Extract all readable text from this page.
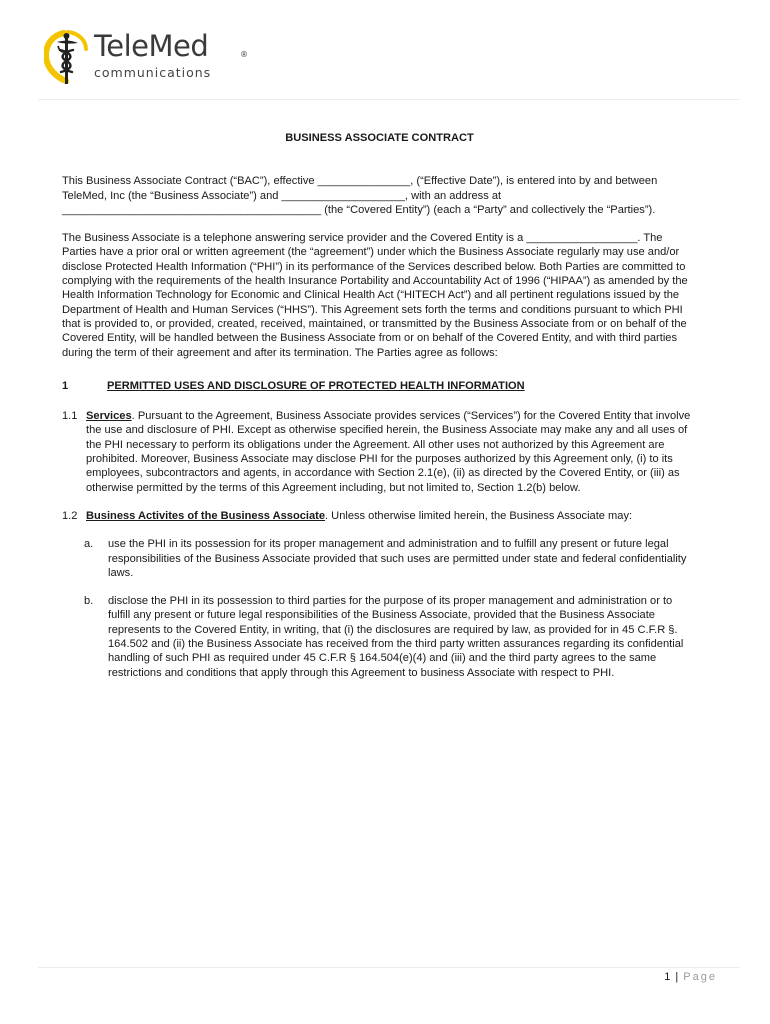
TeleMed	®
communications
BUSINESS ASSOCIATE CONTRACT

This Business Associate Contract (“BAC”), effective _______________, (“Effective Date”), is entered into by and between TeleMed, Inc (the “Business Associate”) and ____________________, with an address at __________________________________________ (the “Covered Entity”) (each a “Party” and collectively the “Parties”).

The Business Associate is a telephone answering service provider and the Covered Entity is a __________________. The Parties have a prior oral or written agreement (the “agreement”) under which the Business Associate regularly may use and/or disclose Protected Health Information (“PHI”) in its performance of the Services described below. Both Parties are committed to complying with the requirements of the health Insurance Portability and Accountability Act of 1996 (“HIPAA”) as amended by the Health Information Technology for Economic and Clinical Health Act (“HITECH Act”) and all pertinent regulations issued by the Department of Health and Human Services (“HHS”). This Agreement sets forth the terms and conditions pursuant to which PHI that is provided to, or provided, created, received, maintained, or transmitted by the Business Associate from or on behalf of the Covered Entity, will be handled between the Business Associate from or on behalf of the Covered Entity, and with third parties during the term of their agreement and after its termination. The Parties agree as follows:

1	PERMITTED USES AND DISCLOSURE OF PROTECTED HEALTH INFORMATION
1.1 Services. Pursuant to the Agreement, Business Associate provides services (“Services”) for the Covered Entity that involve the use and disclosure of PHI. Except as otherwise specified herein, the Business Associate may make any and all uses of the PHI necessary to perform its obligations under the Agreement. All other uses not authorized by this Agreement are prohibited. Moreover, Business Associate may disclose PHI for the purposes authorized by this Agreement only, (i) to its employees, subcontractors and agents, in accordance with Section 2.1(e), (ii) as directed by the Covered Entity, or (iii) as otherwise permitted by the terms of this Agreement including, but not limited to, Section 1.2(b) below.
1.2 Business Activites of the Business Associate. Unless otherwise limited herein, the Business Associate may:
a. use the PHI in its possession for its proper management and administration and to fulfill any present or future legal responsibilities of the Business Associate provided that such uses are permitted under state and federal confidentiality laws.
b. disclose the PHI in its possession to third parties for the purpose of its proper management and administration or to fulfill any present or future legal responsibilities of the Business Associate, provided that the Business Associate represents to the Covered Entity, in writing, that (i) the disclosures are required by law, as provided for in 45 C.F.R §. 164.502 and (ii) the Business Associate has received from the third party written assurances regarding its confidential handling of such PHI as required under 45 C.F.R § 164.504(e)(4) and (iii) and the third party agrees to the same restrictions and conditions that apply through this Agreement to business Associate with respect to PHI.
1 | Page
